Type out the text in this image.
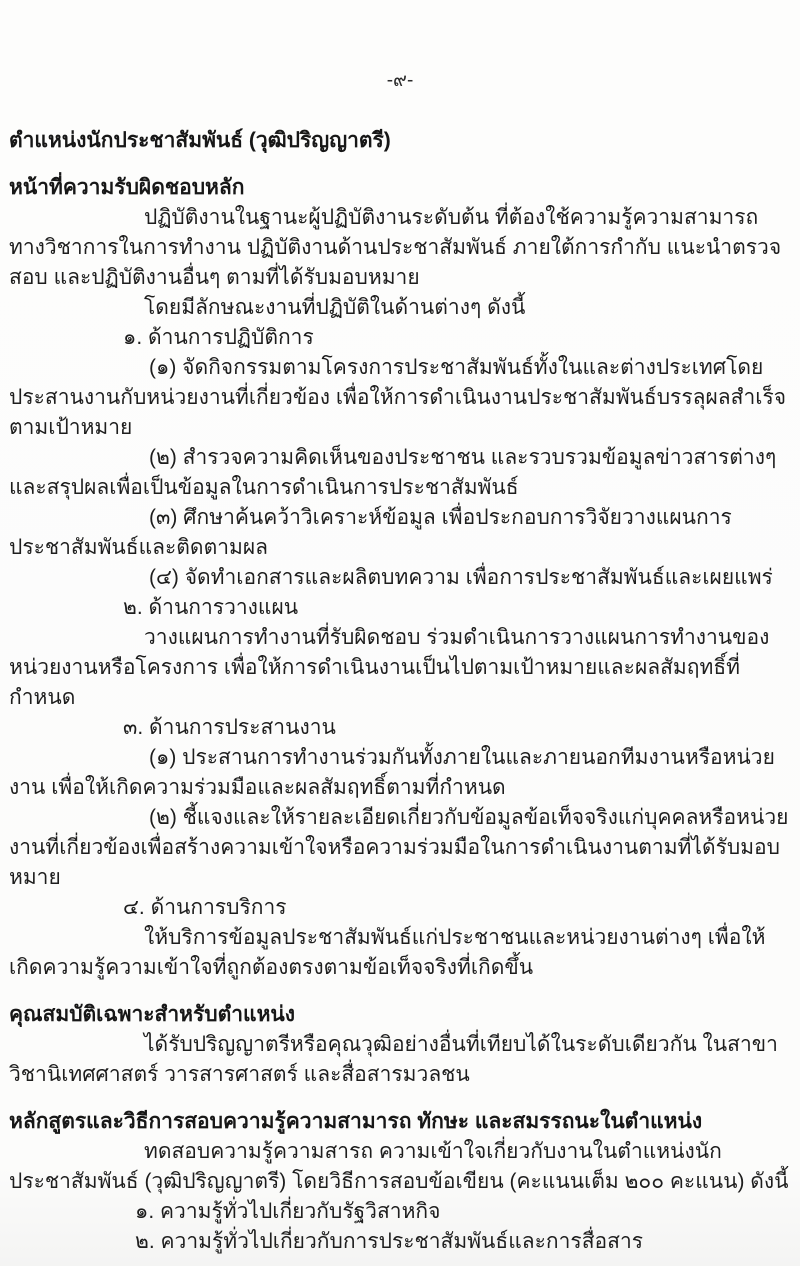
-๙-
ตำแหน่งนักประชาสัมพันธ์ (วุฒิปริญญาตรี)
หน้าที่ความรับผิดชอบหลัก
ปฏิบัติงานในฐานะผู้ปฏิบัติงานระดับต้น ที่ต้องใช้ความรู้ความสามารถทางวิชาการในการทำงาน ปฏิบัติงานด้านประชาสัมพันธ์ ภายใต้การกำกับ แนะนำตรวจสอบ และปฏิบัติงานอื่นๆ ตามที่ได้รับมอบหมาย
โดยมีลักษณะงานที่ปฏิบัติในด้านต่างๆ ดังนี้
๑. ด้านการปฏิบัติการ
(๑) จัดกิจกรรมตามโครงการประชาสัมพันธ์ทั้งในและต่างประเทศโดยประสานงานกับหน่วยงานที่เกี่ยวข้อง เพื่อให้การดำเนินงานประชาสัมพันธ์บรรลุผลสำเร็จตามเป้าหมาย
(๒) สำรวจความคิดเห็นของประชาชน และรวบรวมข้อมูลข่าวสารต่างๆ และสรุปผลเพื่อเป็นข้อมูลในการดำเนินการประชาสัมพันธ์
(๓) ศึกษาค้นคว้าวิเคราะห์ข้อมูล เพื่อประกอบการวิจัยวางแผนการประชาสัมพันธ์และติดตามผล
(๔) จัดทำเอกสารและผลิตบทความ เพื่อการประชาสัมพันธ์และเผยแพร่
๒. ด้านการวางแผน
วางแผนการทำงานที่รับผิดชอบ ร่วมดำเนินการวางแผนการทำงานของหน่วยงานหรือโครงการ เพื่อให้การดำเนินงานเป็นไปตามเป้าหมายและผลสัมฤทธิ์ที่กำหนด
๓. ด้านการประสานงาน
(๑) ประสานการทำงานร่วมกันทั้งภายในและภายนอกทีมงานหรือหน่วยงาน เพื่อให้เกิดความร่วมมือและผลสัมฤทธิ์ตามที่กำหนด
(๒) ชี้แจงและให้รายละเอียดเกี่ยวกับข้อมูลข้อเท็จจริงแก่บุคคลหรือหน่วยงานที่เกี่ยวข้องเพื่อสร้างความเข้าใจหรือความร่วมมือในการดำเนินงานตามที่ได้รับมอบหมาย
๔. ด้านการบริการ
ให้บริการข้อมูลประชาสัมพันธ์แก่ประชาชนและหน่วยงานต่างๆ เพื่อให้เกิดความรู้ความเข้าใจที่ถูกต้องตรงตามข้อเท็จจริงที่เกิดขึ้น
คุณสมบัติเฉพาะสำหรับตำแหน่ง
ได้รับปริญญาตรีหรือคุณวุฒิอย่างอื่นที่เทียบได้ในระดับเดียวกัน ในสาขาวิชานิเทศศาสตร์ วารสารศาสตร์ และสื่อสารมวลชน
หลักสูตรและวิธีการสอบความรู้ความสามารถ ทักษะ และสมรรถนะในตำแหน่ง
ทดสอบความรู้ความสารถ ความเข้าใจเกี่ยวกับงานในตำแหน่งนักประชาสัมพันธ์ (วุฒิปริญญาตรี) โดยวิธีการสอบข้อเขียน (คะแนนเต็ม ๒๐๐ คะแนน) ดังนี้
๑. ความรู้ทั่วไปเกี่ยวกับรัฐวิสาหกิจ
๒. ความรู้ทั่วไปเกี่ยวกับการประชาสัมพันธ์และการสื่อสาร
